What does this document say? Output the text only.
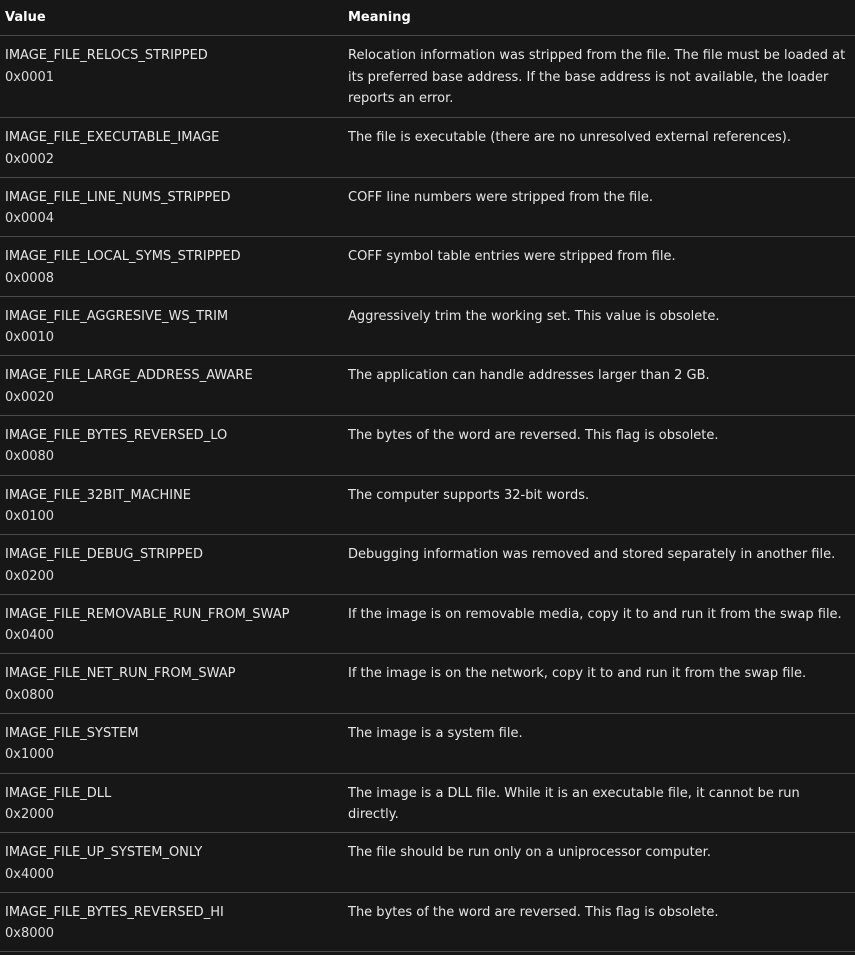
Value	Meaning

IMAGE_FILE_RELOCS_STRIPPED
0x0001	Relocation information was stripped from the file. The file must be loaded at its preferred base address. If the base address is not available, the loader reports an error.

IMAGE_FILE_EXECUTABLE_IMAGE
0x0002	The file is executable (there are no unresolved external references).

IMAGE_FILE_LINE_NUMS_STRIPPED
0x0004	COFF line numbers were stripped from the file.

IMAGE_FILE_LOCAL_SYMS_STRIPPED
0x0008	COFF symbol table entries were stripped from file.

IMAGE_FILE_AGGRESIVE_WS_TRIM
0x0010	Aggressively trim the working set. This value is obsolete.

IMAGE_FILE_LARGE_ADDRESS_AWARE
0x0020	The application can handle addresses larger than 2 GB.

IMAGE_FILE_BYTES_REVERSED_LO
0x0080	The bytes of the word are reversed. This flag is obsolete.

IMAGE_FILE_32BIT_MACHINE
0x0100	The computer supports 32-bit words.

IMAGE_FILE_DEBUG_STRIPPED
0x0200	Debugging information was removed and stored separately in another file.

IMAGE_FILE_REMOVABLE_RUN_FROM_SWAP
0x0400	If the image is on removable media, copy it to and run it from the swap file.

IMAGE_FILE_NET_RUN_FROM_SWAP
0x0800	If the image is on the network, copy it to and run it from the swap file.

IMAGE_FILE_SYSTEM
0x1000	The image is a system file.

IMAGE_FILE_DLL
0x2000	The image is a DLL file. While it is an executable file, it cannot be run directly.

IMAGE_FILE_UP_SYSTEM_ONLY
0x4000	The file should be run only on a uniprocessor computer.

IMAGE_FILE_BYTES_REVERSED_HI
0x8000	The bytes of the word are reversed. This flag is obsolete.
